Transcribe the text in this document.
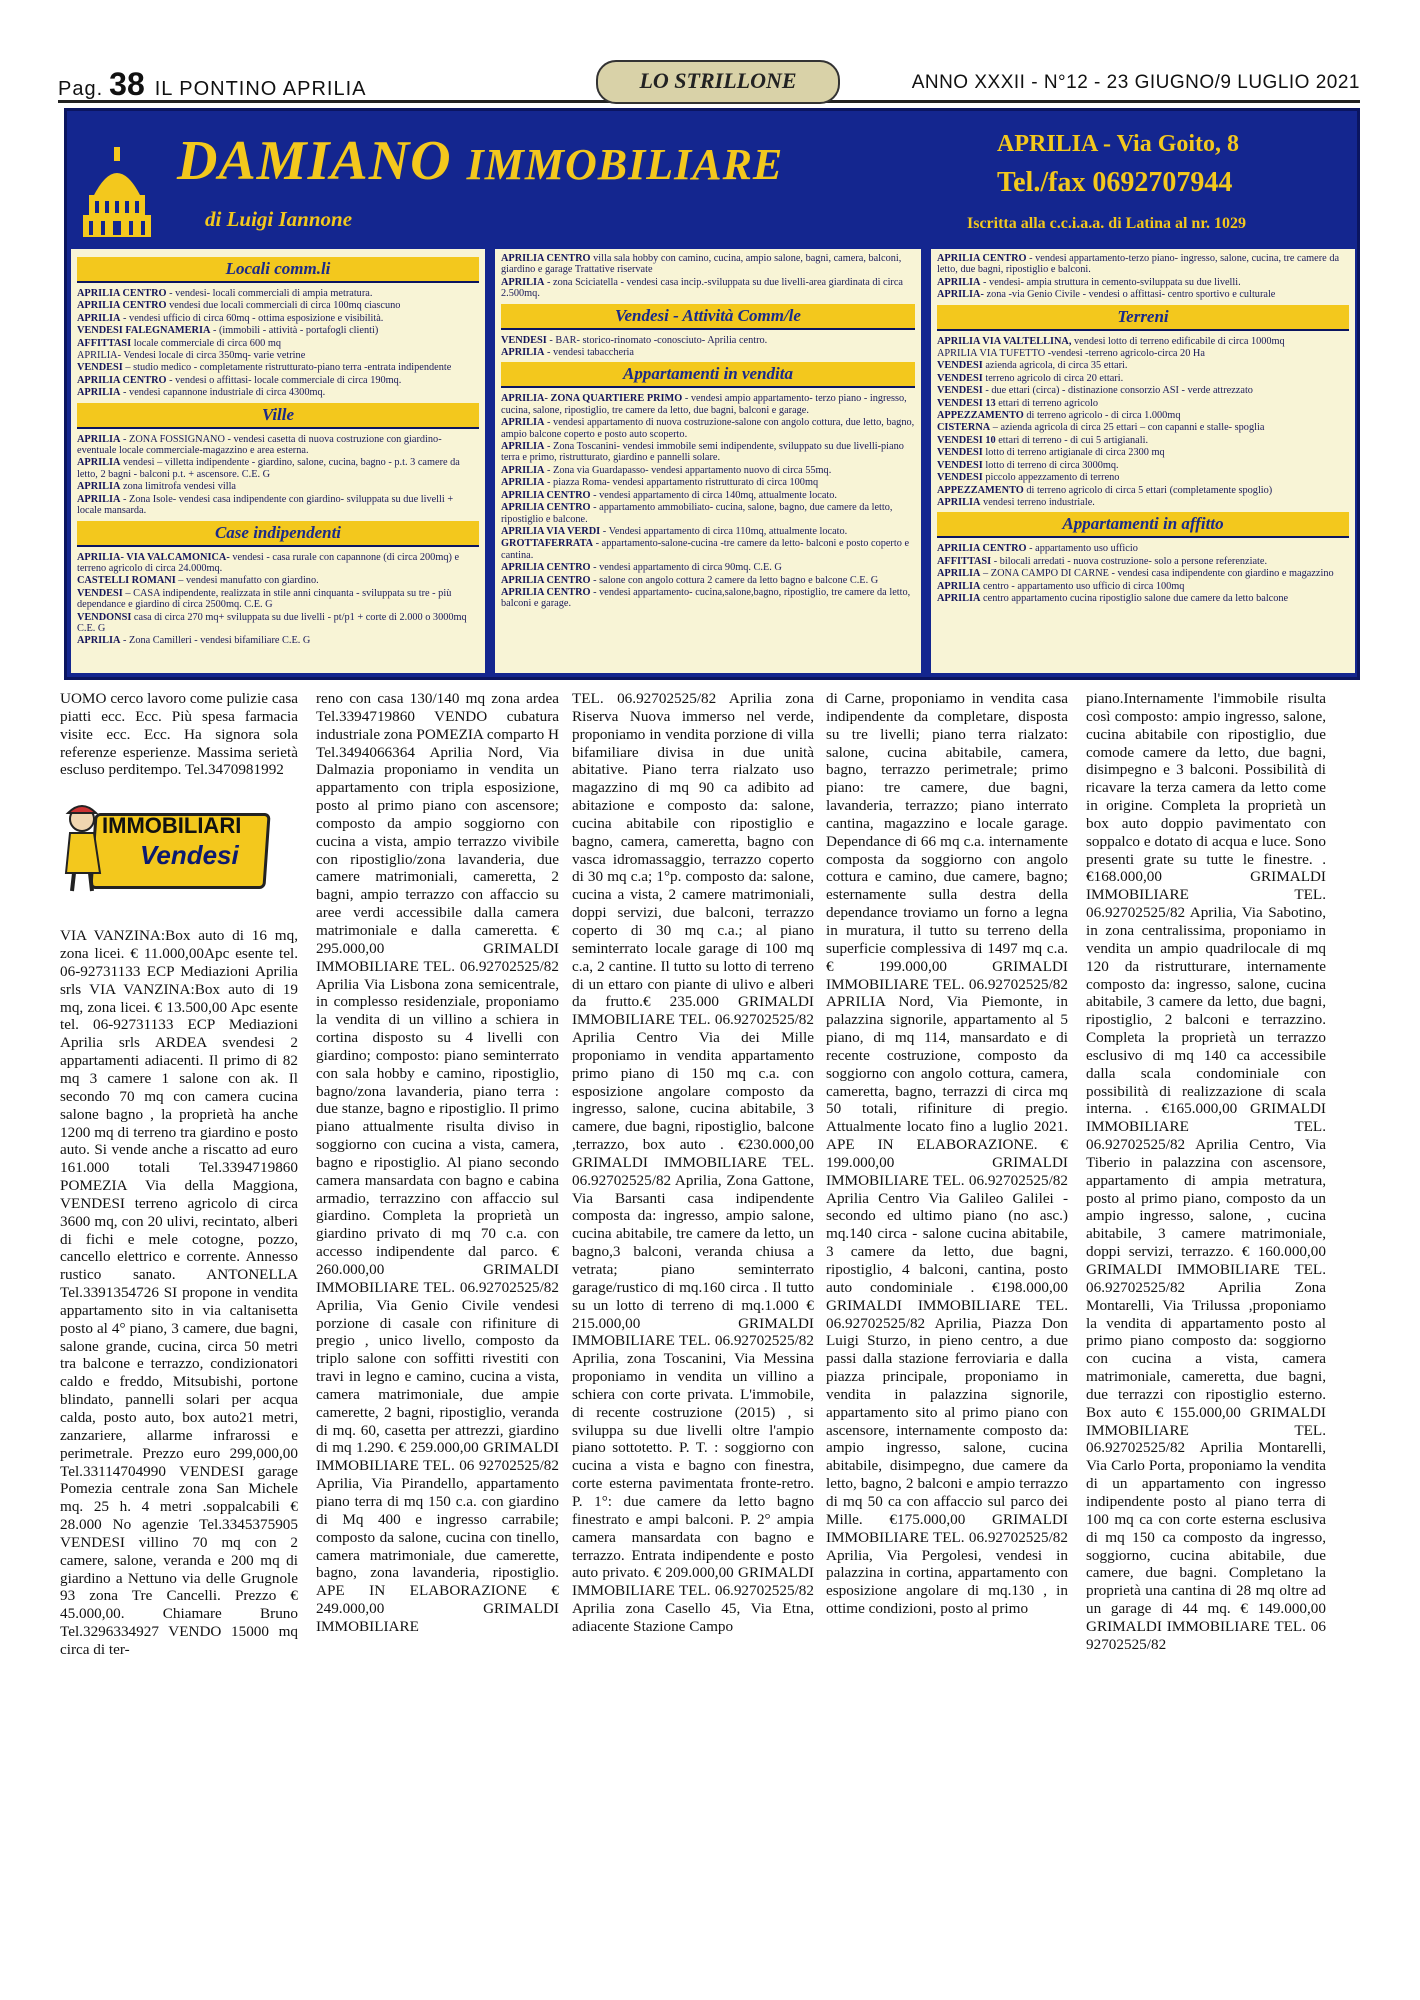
Pag. 38 IL PONTINO APRILIA	LO STRILLONE	ANNO XXXII - N°12 - 23 GIUGNO/9 LUGLIO 2021
DAMIANO IMMOBILIARE
di Luigi Iannone
APRILIA - Via Goito, 8
Tel./fax 0692707944
Iscritta alla c.c.i.a.a. di Latina al nr. 1029
Locali comm.li

APRILIA CENTRO - vendesi- locali commerciali di ampia metratura.

APRILIA CENTRO vendesi due locali commerciali di circa 100mq ciascuno

APRILIA - vendesi ufficio di circa 60mq - ottima esposizione e visibilità.

VENDESI FALEGNAMERIA - (immobili - attività - portafogli clienti)

AFFITTASI locale commerciale di circa 600 mq

APRILIA- Vendesi locale di circa 350mq- varie vetrine

VENDESI – studio medico - completamente ristrutturato-piano terra -entrata indipendente

APRILIA CENTRO - vendesi o affittasi- locale commerciale di circa 190mq.

APRILIA - vendesi capannone industriale di circa 4300mq.

Ville

APRILIA - ZONA FOSSIGNANO - vendesi casetta di nuova costruzione con giardino- eventuale locale commerciale-magazzino e area esterna.

APRILIA vendesi – villetta indipendente - giardino, salone, cucina, bagno - p.t. 3 camere da letto, 2 bagni - balconi p.t. + ascensore. C.E. G

APRILIA zona limitrofa vendesi villa

APRILIA - Zona Isole- vendesi casa indipendente con giardino- sviluppata su due livelli + locale mansarda.

Case indipendenti

APRILIA- VIA VALCAMONICA- vendesi - casa rurale con capannone (di circa 200mq) e terreno agricolo di circa 24.000mq.

CASTELLI ROMANI – vendesi manufatto con giardino.

VENDESI – CASA indipendente, realizzata in stile anni cinquanta - sviluppata su tre - più dependance e giardino di circa 2500mq. C.E. G

VENDONSI casa di circa 270 mq+ sviluppata su due livelli - pt/p1 + corte di 2.000 o 3000mq C.E. G

APRILIA - Zona Camilleri - vendesi bifamiliare C.E. G

APRILIA CENTRO villa sala hobby con camino, cucina, ampio salone, bagni, camera, balconi, giardino e garage Trattative riservate

APRILIA - zona Sciciatella - vendesi casa incip.-sviluppata su due livelli-area giardinata di circa 2.500mq.

Vendesi - Attività Comm/le

VENDESI - BAR- storico-rinomato -conosciuto- Aprilia centro.

APRILIA - vendesi tabaccheria

Appartamenti in vendita

APRILIA- ZONA QUARTIERE PRIMO - vendesi ampio appartamento- terzo piano - ingresso, cucina, salone, ripostiglio, tre camere da letto, due bagni, balconi e garage.

APRILIA - vendesi appartamento di nuova costruzione-salone con angolo cottura, due letto, bagno, ampio balcone coperto e posto auto scoperto.

APRILIA - Zona Toscanini- vendesi immobile semi indipendente, sviluppato su due livelli-piano terra e primo, ristrutturato, giardino e pannelli solare.

APRILIA - Zona via Guardapasso- vendesi appartamento nuovo di circa 55mq.

APRILIA - piazza Roma- vendesi appartamento ristrutturato di circa 100mq

APRILIA CENTRO - vendesi appartamento di circa 140mq, attualmente locato.

APRILIA CENTRO - appartamento ammobiliato- cucina, salone, bagno, due camere da letto, ripostiglio e balcone.

APRILIA VIA VERDI - Vendesi appartamento di circa 110mq, attualmente locato.

GROTTAFERRATA - appartamento-salone-cucina -tre camere da letto- balconi e posto coperto e cantina.

APRILIA CENTRO - vendesi appartamento di circa 90mq. C.E. G

APRILIA CENTRO - salone con angolo cottura 2 camere da letto bagno e balcone C.E. G

APRILIA CENTRO - vendesi appartamento- cucina,salone,bagno, ripostiglio, tre camere da letto, balconi e garage.

APRILIA CENTRO - vendesi appartamento-terzo piano- ingresso, salone, cucina, tre camere da letto, due bagni, ripostiglio e balconi.

APRILIA - vendesi- ampia struttura in cemento-sviluppata su due livelli.

APRILIA- zona -via Genio Civile - vendesi o affittasi- centro sportivo e culturale

Terreni

APRILIA VIA VALTELLINA, vendesi lotto di terreno edificabile di circa 1000mq

APRILIA VIA TUFETTO -vendesi -terreno agricolo-circa 20 Ha

VENDESI azienda agricola, di circa 35 ettari.

VENDESI terreno agricolo di circa 20 ettari.

VENDESI - due ettari (circa) - distinazione consorzio ASI - verde attrezzato

VENDESI 13 ettari di terreno agricolo

APPEZZAMENTO di terreno agricolo - di circa 1.000mq

CISTERNA – azienda agricola di circa 25 ettari – con capanni e stalle- spoglia

VENDESI 10 ettari di terreno - di cui 5 artigianali.

VENDESI lotto di terreno artigianale di circa 2300 mq

VENDESI lotto di terreno di circa 3000mq.

VENDESI piccolo appezzamento di terreno

APPEZZAMENTO di terreno agricolo di circa 5 ettari (completamente spoglio)

APRILIA vendesi terreno industriale.

Appartamenti in affitto

APRILIA CENTRO - appartamento uso ufficio

AFFITTASI - bilocali arredati - nuova costruzione- solo a persone referenziate.

APRILIA – ZONA CAMPO DI CARNE - vendesi casa indipendente con giardino e magazzino

APRILIA centro - appartamento uso ufficio di circa 100mq

APRILIA centro appartamento cucina ripostiglio salone due camere da letto balcone

UOMO cerco lavoro come pulizie casa piatti ecc. Ecc. Più spesa farmacia visite ecc. Ecc. Ha signora sola referenze esperienze. Massima serietà escluso perditempo. Tel.3470981992

IMMOBILIARI
Vendesi

VIA VANZINA:Box auto di 16 mq, zona licei. € 11.000,00Apc esente tel. 06-92731133 ECP Mediazioni Aprilia srls VIA VANZINA:Box auto di 19 mq, zona licei. € 13.500,00 Apc esente tel. 06-92731133 ECP Mediazioni Aprilia srls ARDEA svendesi 2 appartamenti adiacenti. Il primo di 82 mq 3 camere 1 salone con ak. Il secondo 70 mq con camera cucina salone bagno , la proprietà ha anche 1200 mq di terreno tra giardino e posto auto. Si vende anche a riscatto ad euro 161.000 totali Tel.3394719860 POMEZIA Via della Maggiona, VENDESI terreno agricolo di circa 3600 mq, con 20 ulivi, recintato, alberi di fichi e mele cotogne, pozzo, cancello elettrico e corrente. Annesso rustico sanato. ANTONELLA Tel.3391354726 SI propone in vendita appartamento sito in via caltanisetta posto al 4° piano, 3 camere, due bagni, salone grande, cucina, circa 50 metri tra balcone e terrazzo, condizionatori caldo e freddo, Mitsubishi, portone blindato, pannelli solari per acqua calda, posto auto, box auto21 metri, zanzariere, allarme infrarossi e perimetrale. Prezzo euro 299,000,00 Tel.33114704990 VENDESI garage Pomezia centrale zona San Michele mq. 25 h. 4 metri .soppalcabili € 28.000 No agenzie Tel.3345375905 VENDESI villino 70 mq con 2 camere, salone, veranda e 200 mq di giardino a Nettuno via delle Grugnole 93 zona Tre Cancelli. Prezzo € 45.000,00. Chiamare Bruno Tel.3296334927 VENDO 15000 mq circa di ter-

reno con casa 130/140 mq zona ardea Tel.3394719860 VENDO cubatura industriale zona POMEZIA comparto H Tel.3494066364 Aprilia Nord, Via Dalmazia proponiamo in vendita un appartamento con tripla esposizione, posto al primo piano con ascensore; composto da ampio soggiorno con cucina a vista, ampio terrazzo vivibile con ripostiglio/zona lavanderia, due camere matrimoniali, cameretta, 2 bagni, ampio terrazzo con affaccio su aree verdi accessibile dalla camera matrimoniale e dalla cameretta. € 295.000,00 GRIMALDI IMMOBILIARE TEL. 06.92702525/82 Aprilia Via Lisbona zona semicentrale, in complesso residenziale, proponiamo la vendita di un villino a schiera in cortina disposto su 4 livelli con giardino; composto: piano seminterrato con sala hobby e camino, ripostiglio, bagno/zona lavanderia, piano terra : due stanze, bagno e ripostiglio. Il primo piano attualmente risulta diviso in soggiorno con cucina a vista, camera, bagno e ripostiglio. Al piano secondo camera mansardata con bagno e cabina armadio, terrazzino con affaccio sul giardino. Completa la proprietà un giardino privato di mq 70 c.a. con accesso indipendente dal parco. € 260.000,00 GRIMALDI IMMOBILIARE TEL. 06.92702525/82 Aprilia, Via Genio Civile vendesi porzione di casale con rifiniture di pregio , unico livello, composto da triplo salone con soffitti rivestiti con travi in legno e camino, cucina a vista, camera matrimoniale, due ampie camerette, 2 bagni, ripostiglio, veranda di mq. 60, casetta per attrezzi, giardino di mq 1.290. € 259.000,00 GRIMALDI IMMOBILIARE TEL. 06 92702525/82 Aprilia, Via Pirandello, appartamento piano terra di mq 150 c.a. con giardino di Mq 400 e ingresso carrabile; composto da salone, cucina con tinello, camera matrimoniale, due camerette, bagno, zona lavanderia, ripostiglio. APE IN ELABORAZIONE € 249.000,00 GRIMALDI IMMOBILIARE

TEL. 06.92702525/82 Aprilia zona Riserva Nuova immerso nel verde, proponiamo in vendita porzione di villa bifamiliare divisa in due unità abitative. Piano terra rialzato uso magazzino di mq 90 ca adibito ad abitazione e composto da: salone, cucina abitabile con ripostiglio e bagno, camera, cameretta, bagno con vasca idromassaggio, terrazzo coperto di 30 mq c.a; 1°p. composto da: salone, cucina a vista, 2 camere matrimoniali, doppi servizi, due balconi, terrazzo coperto di 30 mq c.a.; al piano seminterrato locale garage di 100 mq c.a, 2 cantine. Il tutto su lotto di terreno di un ettaro con piante di ulivo e alberi da frutto.€ 235.000 GRIMALDI IMMOBILIARE TEL. 06.92702525/82 Aprilia Centro Via dei Mille proponiamo in vendita appartamento primo piano di 150 mq c.a. con esposizione angolare composto da ingresso, salone, cucina abitabile, 3 camere, due bagni, ripostiglio, balcone ,terrazzo, box auto . €230.000,00 GRIMALDI IMMOBILIARE TEL. 06.92702525/82 Aprilia, Zona Gattone, Via Barsanti casa indipendente composta da: ingresso, ampio salone, cucina abitabile, tre camere da letto, un bagno,3 balconi, veranda chiusa a vetrata; piano seminterrato garage/rustico di mq.160 circa . Il tutto su un lotto di terreno di mq.1.000 € 215.000,00 GRIMALDI IMMOBILIARE TEL. 06.92702525/82 Aprilia, zona Toscanini, Via Messina proponiamo in vendita un villino a schiera con corte privata. L'immobile, di recente costruzione (2015) , si sviluppa su due livelli oltre l'ampio piano sottotetto. P. T. : soggiorno con cucina a vista e bagno con finestra, corte esterna pavimentata fronte-retro. P. 1°: due camere da letto bagno finestrato e ampi balconi. P. 2° ampia camera mansardata con bagno e terrazzo. Entrata indipendente e posto auto privato. € 209.000,00 GRIMALDI IMMOBILIARE TEL. 06.92702525/82 Aprilia zona Casello 45, Via Etna, adiacente Stazione Campo

di Carne, proponiamo in vendita casa indipendente da completare, disposta su tre livelli; piano terra rialzato: salone, cucina abitabile, camera, bagno, terrazzo perimetrale; primo piano: tre camere, due bagni, lavanderia, terrazzo; piano interrato cantina, magazzino e locale garage. Dependance di 66 mq c.a. internamente composta da soggiorno con angolo cottura e camino, due camere, bagno; esternamente sulla destra della dependance troviamo un forno a legna in muratura, il tutto su terreno della superficie complessiva di 1497 mq c.a. € 199.000,00 GRIMALDI IMMOBILIARE TEL. 06.92702525/82 APRILIA Nord, Via Piemonte, in palazzina signorile, appartamento al 5 piano, di mq 114, mansardato e di recente costruzione, composto da soggiorno con angolo cottura, camera, cameretta, bagno, terrazzi di circa mq 50 totali, rifiniture di pregio. Attualmente locato fino a luglio 2021. APE IN ELABORAZIONE. € 199.000,00 GRIMALDI IMMOBILIARE TEL. 06.92702525/82 Aprilia Centro Via Galileo Galilei - secondo ed ultimo piano (no asc.) mq.140 circa - salone cucina abitabile, 3 camere da letto, due bagni, ripostiglio, 4 balconi, cantina, posto auto condominiale . €198.000,00 GRIMALDI IMMOBILIARE TEL. 06.92702525/82 Aprilia, Piazza Don Luigi Sturzo, in pieno centro, a due passi dalla stazione ferroviaria e dalla piazza principale, proponiamo in vendita in palazzina signorile, appartamento sito al primo piano con ascensore, internamente composto da: ampio ingresso, salone, cucina abitabile, disimpegno, due camere da letto, bagno, 2 balconi e ampio terrazzo di mq 50 ca con affaccio sul parco dei Mille. €175.000,00 GRIMALDI IMMOBILIARE TEL. 06.92702525/82 Aprilia, Via Pergolesi, vendesi in palazzina in cortina, appartamento con esposizione angolare di mq.130 , in ottime condizioni, posto al primo

piano.Internamente l'immobile risulta così composto: ampio ingresso, salone, cucina abitabile con ripostiglio, due comode camere da letto, due bagni, disimpegno e 3 balconi. Possibilità di ricavare la terza camera da letto come in origine. Completa la proprietà un box auto doppio pavimentato con soppalco e dotato di acqua e luce. Sono presenti grate su tutte le finestre. . €168.000,00 GRIMALDI IMMOBILIARE TEL. 06.92702525/82 Aprilia, Via Sabotino, in zona centralissima, proponiamo in vendita un ampio quadrilocale di mq 120 da ristrutturare, internamente composto da: ingresso, salone, cucina abitabile, 3 camere da letto, due bagni, ripostiglio, 2 balconi e terrazzino. Completa la proprietà un terrazzo esclusivo di mq 140 ca accessibile dalla scala condominiale con possibilità di realizzazione di scala interna. . €165.000,00 GRIMALDI IMMOBILIARE TEL. 06.92702525/82 Aprilia Centro, Via Tiberio in palazzina con ascensore, appartamento di ampia metratura, posto al primo piano, composto da un ampio ingresso, salone, , cucina abitabile, 3 camere matrimoniale, doppi servizi, terrazzo. € 160.000,00 GRIMALDI IMMOBILIARE TEL. 06.92702525/82 Aprilia Zona Montarelli, Via Trilussa ,proponiamo la vendita di appartamento posto al primo piano composto da: soggiorno con cucina a vista, camera matrimoniale, cameretta, due bagni, due terrazzi con ripostiglio esterno. Box auto € 155.000,00 GRIMALDI IMMOBILIARE TEL. 06.92702525/82 Aprilia Montarelli, Via Carlo Porta, proponiamo la vendita di un appartamento con ingresso indipendente posto al piano terra di 100 mq ca con corte esterna esclusiva di mq 150 ca composto da ingresso, soggiorno, cucina abitabile, due camere, due bagni. Completano la proprietà una cantina di 28 mq oltre ad un garage di 44 mq. € 149.000,00 GRIMALDI IMMOBILIARE TEL. 06 92702525/82
